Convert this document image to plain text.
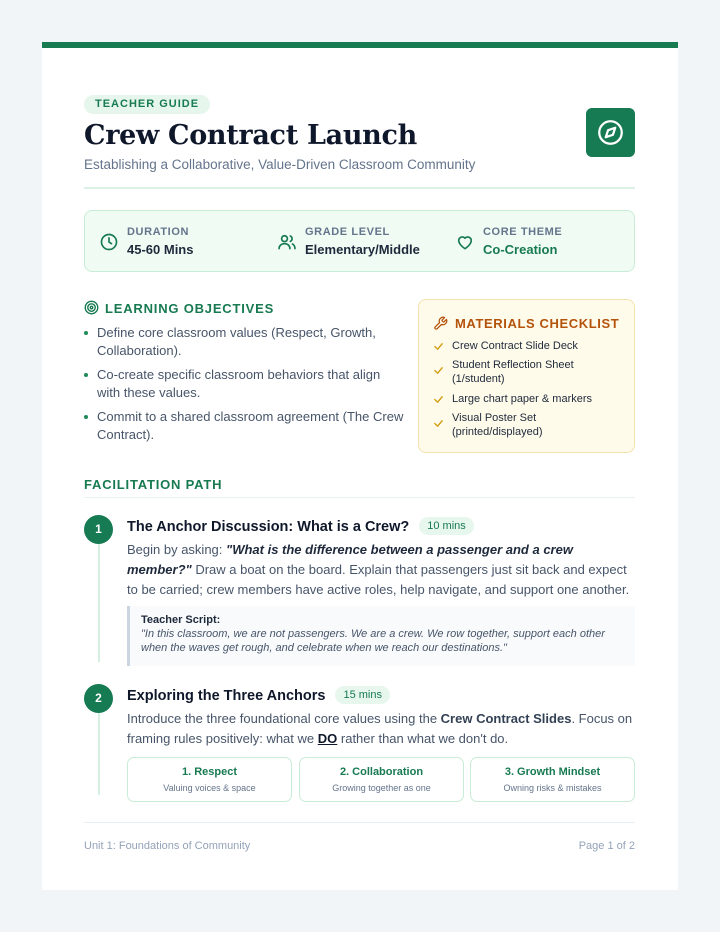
TEACHER GUIDE
Crew Contract Launch
Establishing a Collaborative, Value-Driven Classroom Community
DURATION
45-60 Mins
GRADE LEVEL
Elementary/Middle
CORE THEME
Co-Creation
LEARNING OBJECTIVES
Define core classroom values (Respect, Growth, Collaboration).
Co-create specific classroom behaviors that align with these values.
Commit to a shared classroom agreement (The Crew Contract).
MATERIALS CHECKLIST
Crew Contract Slide Deck
Student Reflection Sheet (1/student)
Large chart paper & markers
Visual Poster Set (printed/displayed)
FACILITATION PATH
1	The Anchor Discussion: What is a Crew? 10 mins
Begin by asking: "What is the difference between a passenger and a crew member?" Draw a boat on the board. Explain that passengers just sit back and expect to be carried; crew members have active roles, help navigate, and support one another.
Teacher Script:
"In this classroom, we are not passengers. We are a crew. We row together, support each other when the waves get rough, and celebrate when we reach our destinations."
2	Exploring the Three Anchors 15 mins
Introduce the three foundational core values using the Crew Contract Slides. Focus on framing rules positively: what we DO rather than what we don't do.
1. Respect
Valuing voices & space
2. Collaboration
Growing together as one
3. Growth Mindset
Owning risks & mistakes
Unit 1: Foundations of Community	Page 1 of 2
